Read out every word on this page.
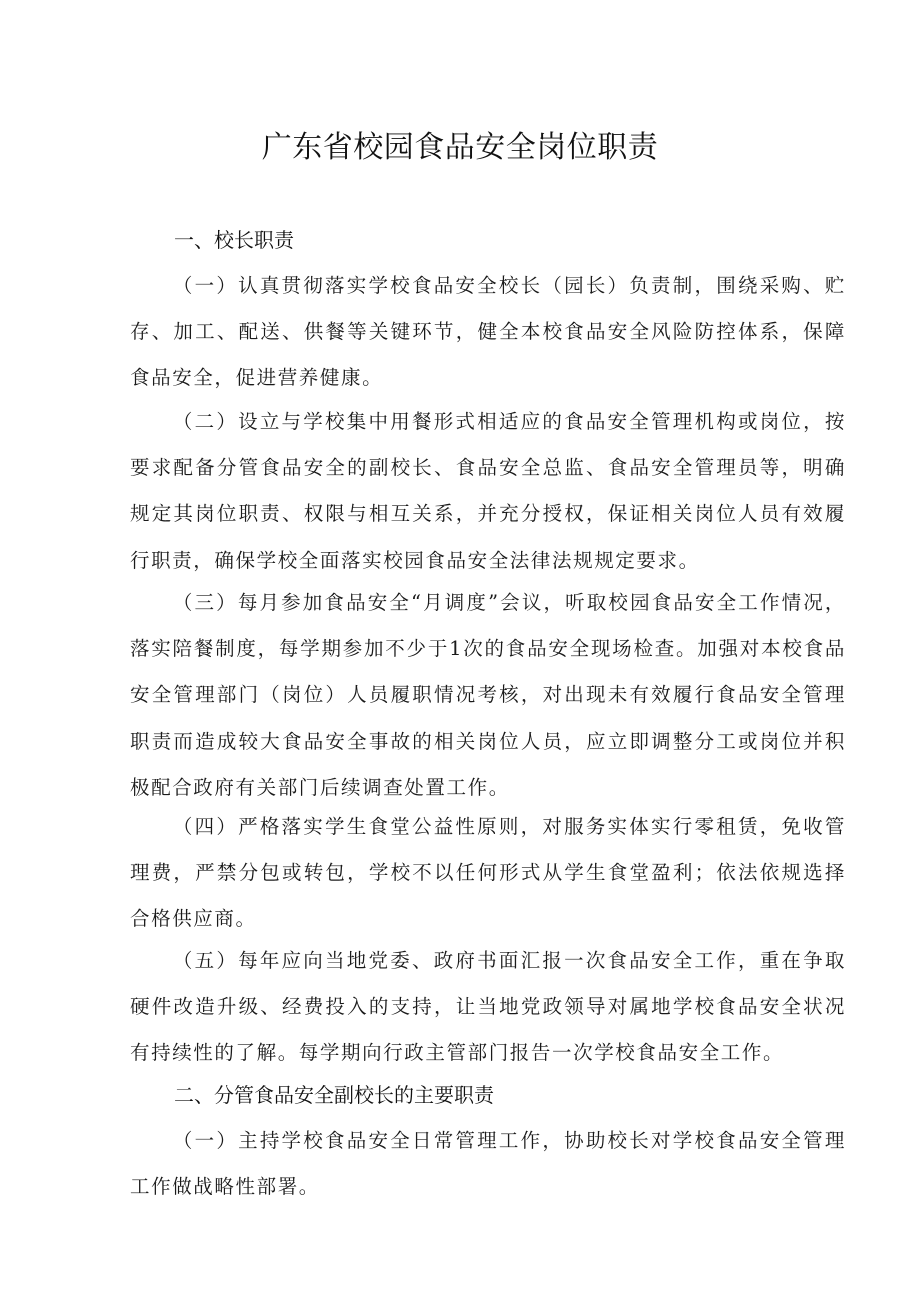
广东省校园食品安全岗位职责
一、校长职责
（一）认真贯彻落实学校食品安全校长（园长）负责制，围绕采购、贮存、加工、配送、供餐等关键环节，健全本校食品安全风险防控体系，保障食品安全，促进营养健康。
（二）设立与学校集中用餐形式相适应的食品安全管理机构或岗位，按要求配备分管食品安全的副校长、食品安全总监、食品安全管理员等，明确规定其岗位职责、权限与相互关系，并充分授权，保证相关岗位人员有效履行职责，确保学校全面落实校园食品安全法律法规规定要求。
（三）每月参加食品安全“月调度”会议，听取校园食品安全工作情况，落实陪餐制度，每学期参加不少于1次的食品安全现场检查。加强对本校食品安全管理部门（岗位）人员履职情况考核，对出现未有效履行食品安全管理职责而造成较大食品安全事故的相关岗位人员，应立即调整分工或岗位并积极配合政府有关部门后续调查处置工作。
（四）严格落实学生食堂公益性原则，对服务实体实行零租赁，免收管理费，严禁分包或转包，学校不以任何形式从学生食堂盈利；依法依规选择合格供应商。
（五）每年应向当地党委、政府书面汇报一次食品安全工作，重在争取硬件改造升级、经费投入的支持，让当地党政领导对属地学校食品安全状况有持续性的了解。每学期向行政主管部门报告一次学校食品安全工作。
二、分管食品安全副校长的主要职责
（一）主持学校食品安全日常管理工作，协助校长对学校食品安全管理工作做战略性部署。
